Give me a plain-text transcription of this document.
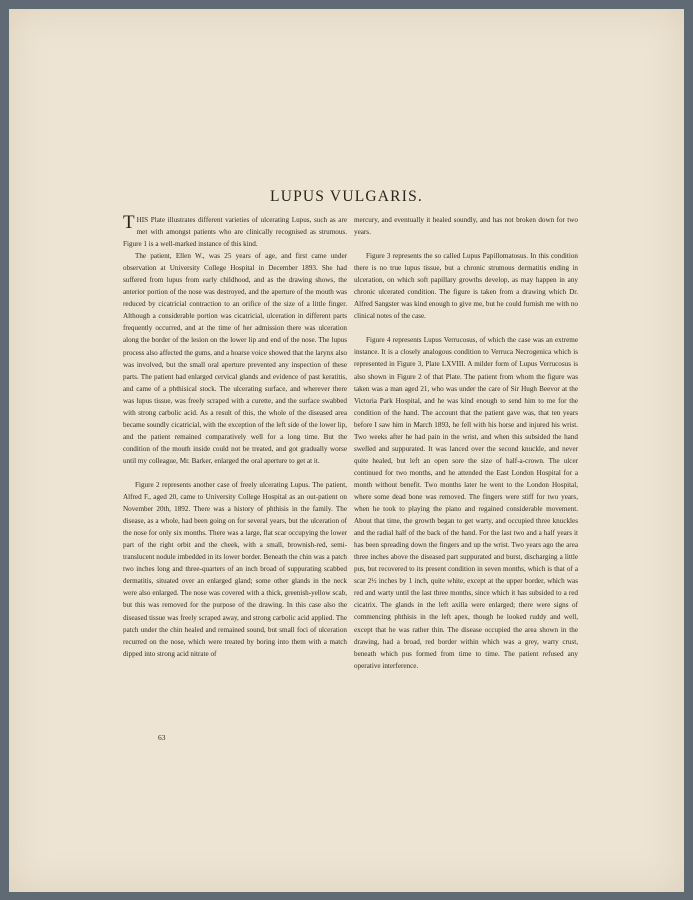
LUPUS VULGARIS.

THIS Plate illustrates different varieties of ulcerating Lupus, such as are met with amongst patients who are clinically recognised as strumous. Figure 1 is a well-marked instance of this kind.

The patient, Ellen W., was 25 years of age, and first came under observation at University College Hospital in December 1893. She had suffered from lupus from early childhood, and as the drawing shows, the anterior portion of the nose was destroyed, and the aperture of the mouth was reduced by cicatricial contraction to an orifice of the size of a little finger. Although a considerable portion was cicatricial, ulceration in different parts frequently occurred, and at the time of her admission there was ulceration along the border of the lesion on the lower lip and end of the nose. The lupus process also affected the gums, and a hoarse voice showed that the larynx also was involved, but the small oral aperture prevented any inspection of these parts. The patient had enlarged cervical glands and evidence of past keratitis, and came of a phthisical stock. The ulcerating surface, and wherever there was lupus tissue, was freely scraped with a curette, and the surface swabbed with strong carbolic acid. As a result of this, the whole of the diseased area became soundly cicatricial, with the exception of the left side of the lower lip, and the patient remained comparatively well for a long time. But the condition of the mouth inside could not be treated, and got gradually worse until my colleague, Mr. Barker, enlarged the oral aperture to get at it.

Figure 2 represents another case of freely ulcerating Lupus. The patient, Alfred F., aged 20, came to University College Hospital as an out-patient on November 20th, 1892. There was a history of phthisis in the family. The disease, as a whole, had been going on for several years, but the ulceration of the nose for only six months. There was a large, flat scar occupying the lower part of the right orbit and the cheek, with a small, brownish-red, semi-translucent nodule imbedded in its lower border. Beneath the chin was a patch two inches long and three-quarters of an inch broad of suppurating scabbed dermatitis, situated over an enlarged gland; some other glands in the neck were also enlarged. The nose was covered with a thick, greenish-yellow scab, but this was removed for the purpose of the drawing. In this case also the diseased tissue was freely scraped away, and strong carbolic acid applied. The patch under the chin healed and remained sound, but small foci of ulceration recurred on the nose, which were treated by boring into them with a match dipped into strong acid nitrate of

mercury, and eventually it healed soundly, and has not broken down for two years.

Figure 3 represents the so called Lupus Papillomatosus. In this condition there is no true lupus tissue, but a chronic strumous dermatitis ending in ulceration, on which soft papillary growths develop, as may happen in any chronic ulcerated condition. The figure is taken from a drawing which Dr. Alfred Sangster was kind enough to give me, but he could furnish me with no clinical notes of the case.

Figure 4 represents Lupus Verrucosus, of which the case was an extreme instance. It is a closely analogous condition to Verruca Necrogenica which is represented in Figure 3, Plate LXVIII. A milder form of Lupus Verrucosus is also shown in Figure 2 of that Plate. The patient from whom the figure was taken was a man aged 21, who was under the care of Sir Hugh Beevor at the Victoria Park Hospital, and he was kind enough to send him to me for the condition of the hand. The account that the patient gave was, that ten years before I saw him in March 1893, he fell with his horse and injured his wrist. Two weeks after he had pain in the wrist, and when this subsided the hand swelled and suppurated. It was lanced over the second knuckle, and never quite healed, but left an open sore the size of half-a-crown. The ulcer continued for two months, and he attended the East London Hospital for a month without benefit. Two months later he went to the London Hospital, where some dead bone was removed. The fingers were stiff for two years, when he took to playing the piano and regained considerable movement. About that time, the growth began to get warty, and occupied three knuckles and the radial half of the back of the hand. For the last two and a half years it has been spreading down the fingers and up the wrist. Two years ago the area three inches above the diseased part suppurated and burst, discharging a little pus, but recovered to its present condition in seven months, which is that of a scar 2½ inches by 1 inch, quite white, except at the upper border, which was red and warty until the last three months, since which it has subsided to a red cicatrix. The glands in the left axilla were enlarged; there were signs of commencing phthisis in the left apex, though he looked ruddy and well, except that he was rather thin. The disease occupied the area shown in the drawing, had a broad, red border within which was a grey, warty crust, beneath which pus formed from time to time. The patient refused any operative interference.

63
